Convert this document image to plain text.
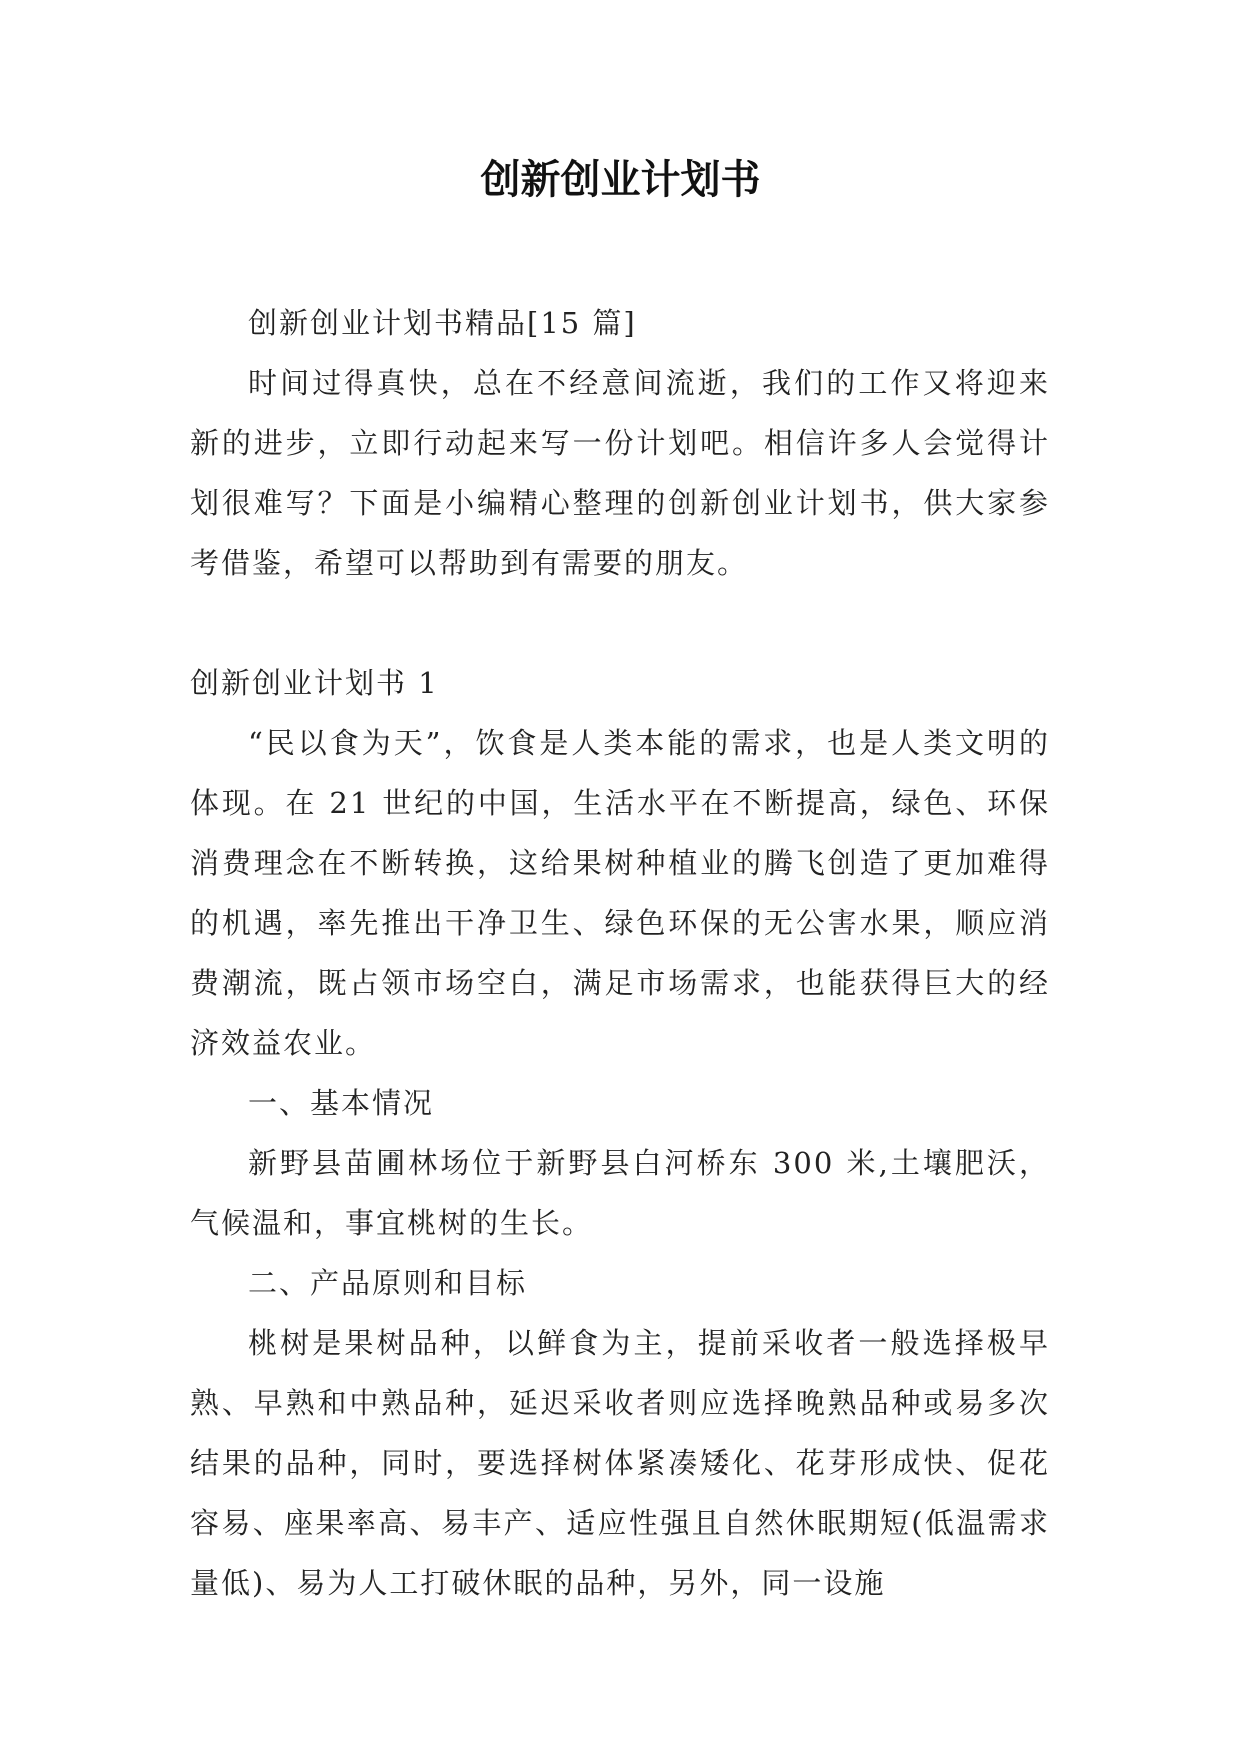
创新创业计划书

创新创业计划书精品[15 篇]

时间过得真快，总在不经意间流逝，我们的工作又将迎来新的进步，立即行动起来写一份计划吧。相信许多人会觉得计划很难写？下面是小编精心整理的创新创业计划书，供大家参考借鉴，希望可以帮助到有需要的朋友。

创新创业计划书 1

“民以食为天”，饮食是人类本能的需求，也是人类文明的体现。在 21 世纪的中国，生活水平在不断提高，绿色、环保消费理念在不断转换，这给果树种植业的腾飞创造了更加难得的机遇，率先推出干净卫生、绿色环保的无公害水果，顺应消费潮流，既占领市场空白，满足市场需求，也能获得巨大的经济效益农业。

一、基本情况

新野县苗圃林场位于新野县白河桥东 300 米,土壤肥沃，气候温和，事宜桃树的生长。

二、产品原则和目标

桃树是果树品种，以鲜食为主，提前采收者一般选择极早熟、早熟和中熟品种，延迟采收者则应选择晚熟品种或易多次结果的品种，同时，要选择树体紧凑矮化、花芽形成快、促花容易、座果率高、易丰产、适应性强且自然休眠期短(低温需求量低)、易为人工打破休眠的品种，另外，同一设施
